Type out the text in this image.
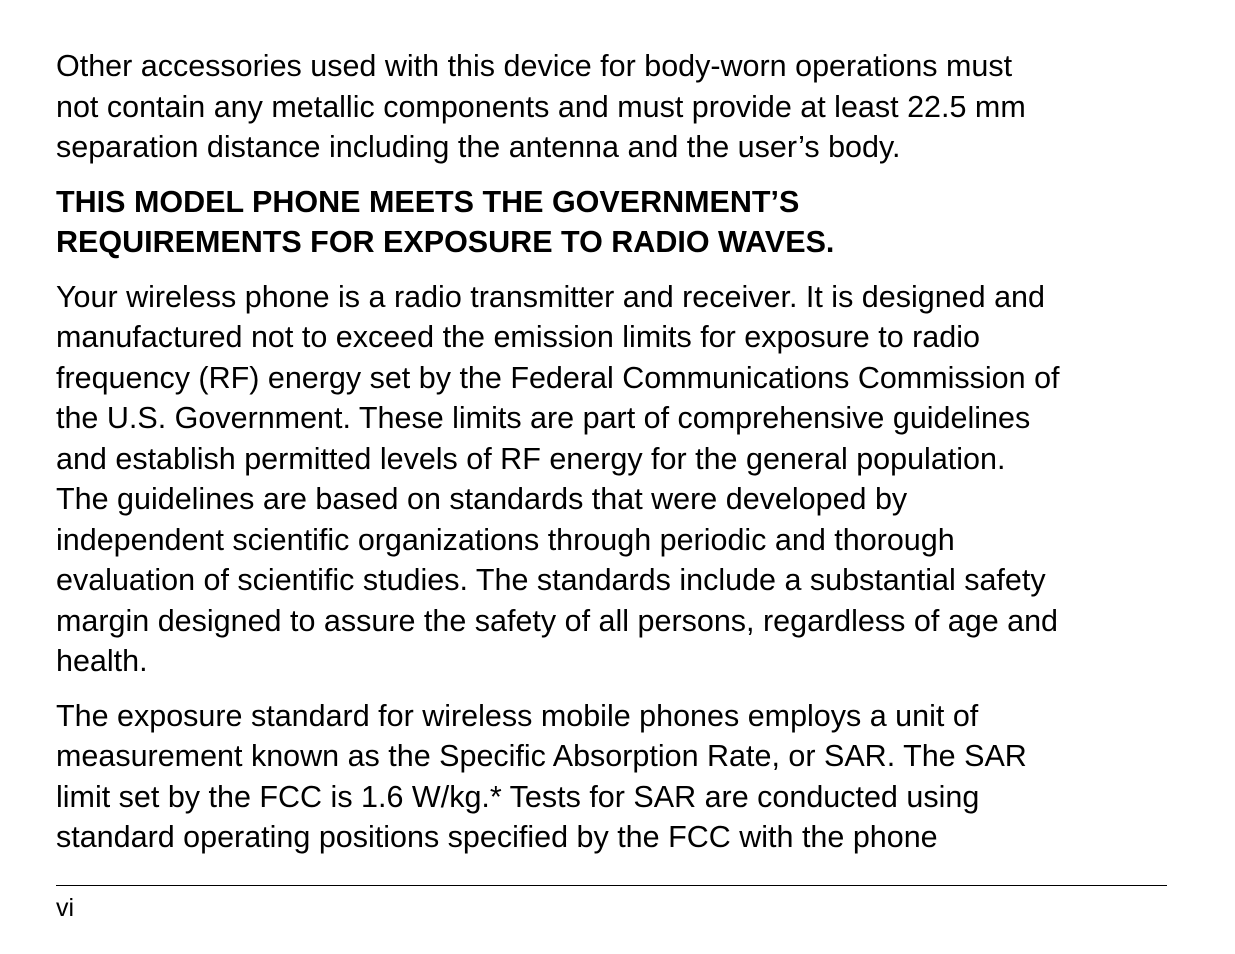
Other accessories used with this device for body-worn operations must
not contain any metallic components and must provide at least 22.5 mm
separation distance including the antenna and the user’s body.

THIS MODEL PHONE MEETS THE GOVERNMENT’S
REQUIREMENTS FOR EXPOSURE TO RADIO WAVES.

Your wireless phone is a radio transmitter and receiver. It is designed and
manufactured not to exceed the emission limits for exposure to radio
frequency (RF) energy set by the Federal Communications Commission of
the U.S. Government. These limits are part of comprehensive guidelines
and establish permitted levels of RF energy for the general population.
The guidelines are based on standards that were developed by
independent scientific organizations through periodic and thorough
evaluation of scientific studies. The standards include a substantial safety
margin designed to assure the safety of all persons, regardless of age and
health.

The exposure standard for wireless mobile phones employs a unit of
measurement known as the Specific Absorption Rate, or SAR. The SAR
limit set by the FCC is 1.6 W/kg.* Tests for SAR are conducted using
standard operating positions specified by the FCC with the phone

vi
